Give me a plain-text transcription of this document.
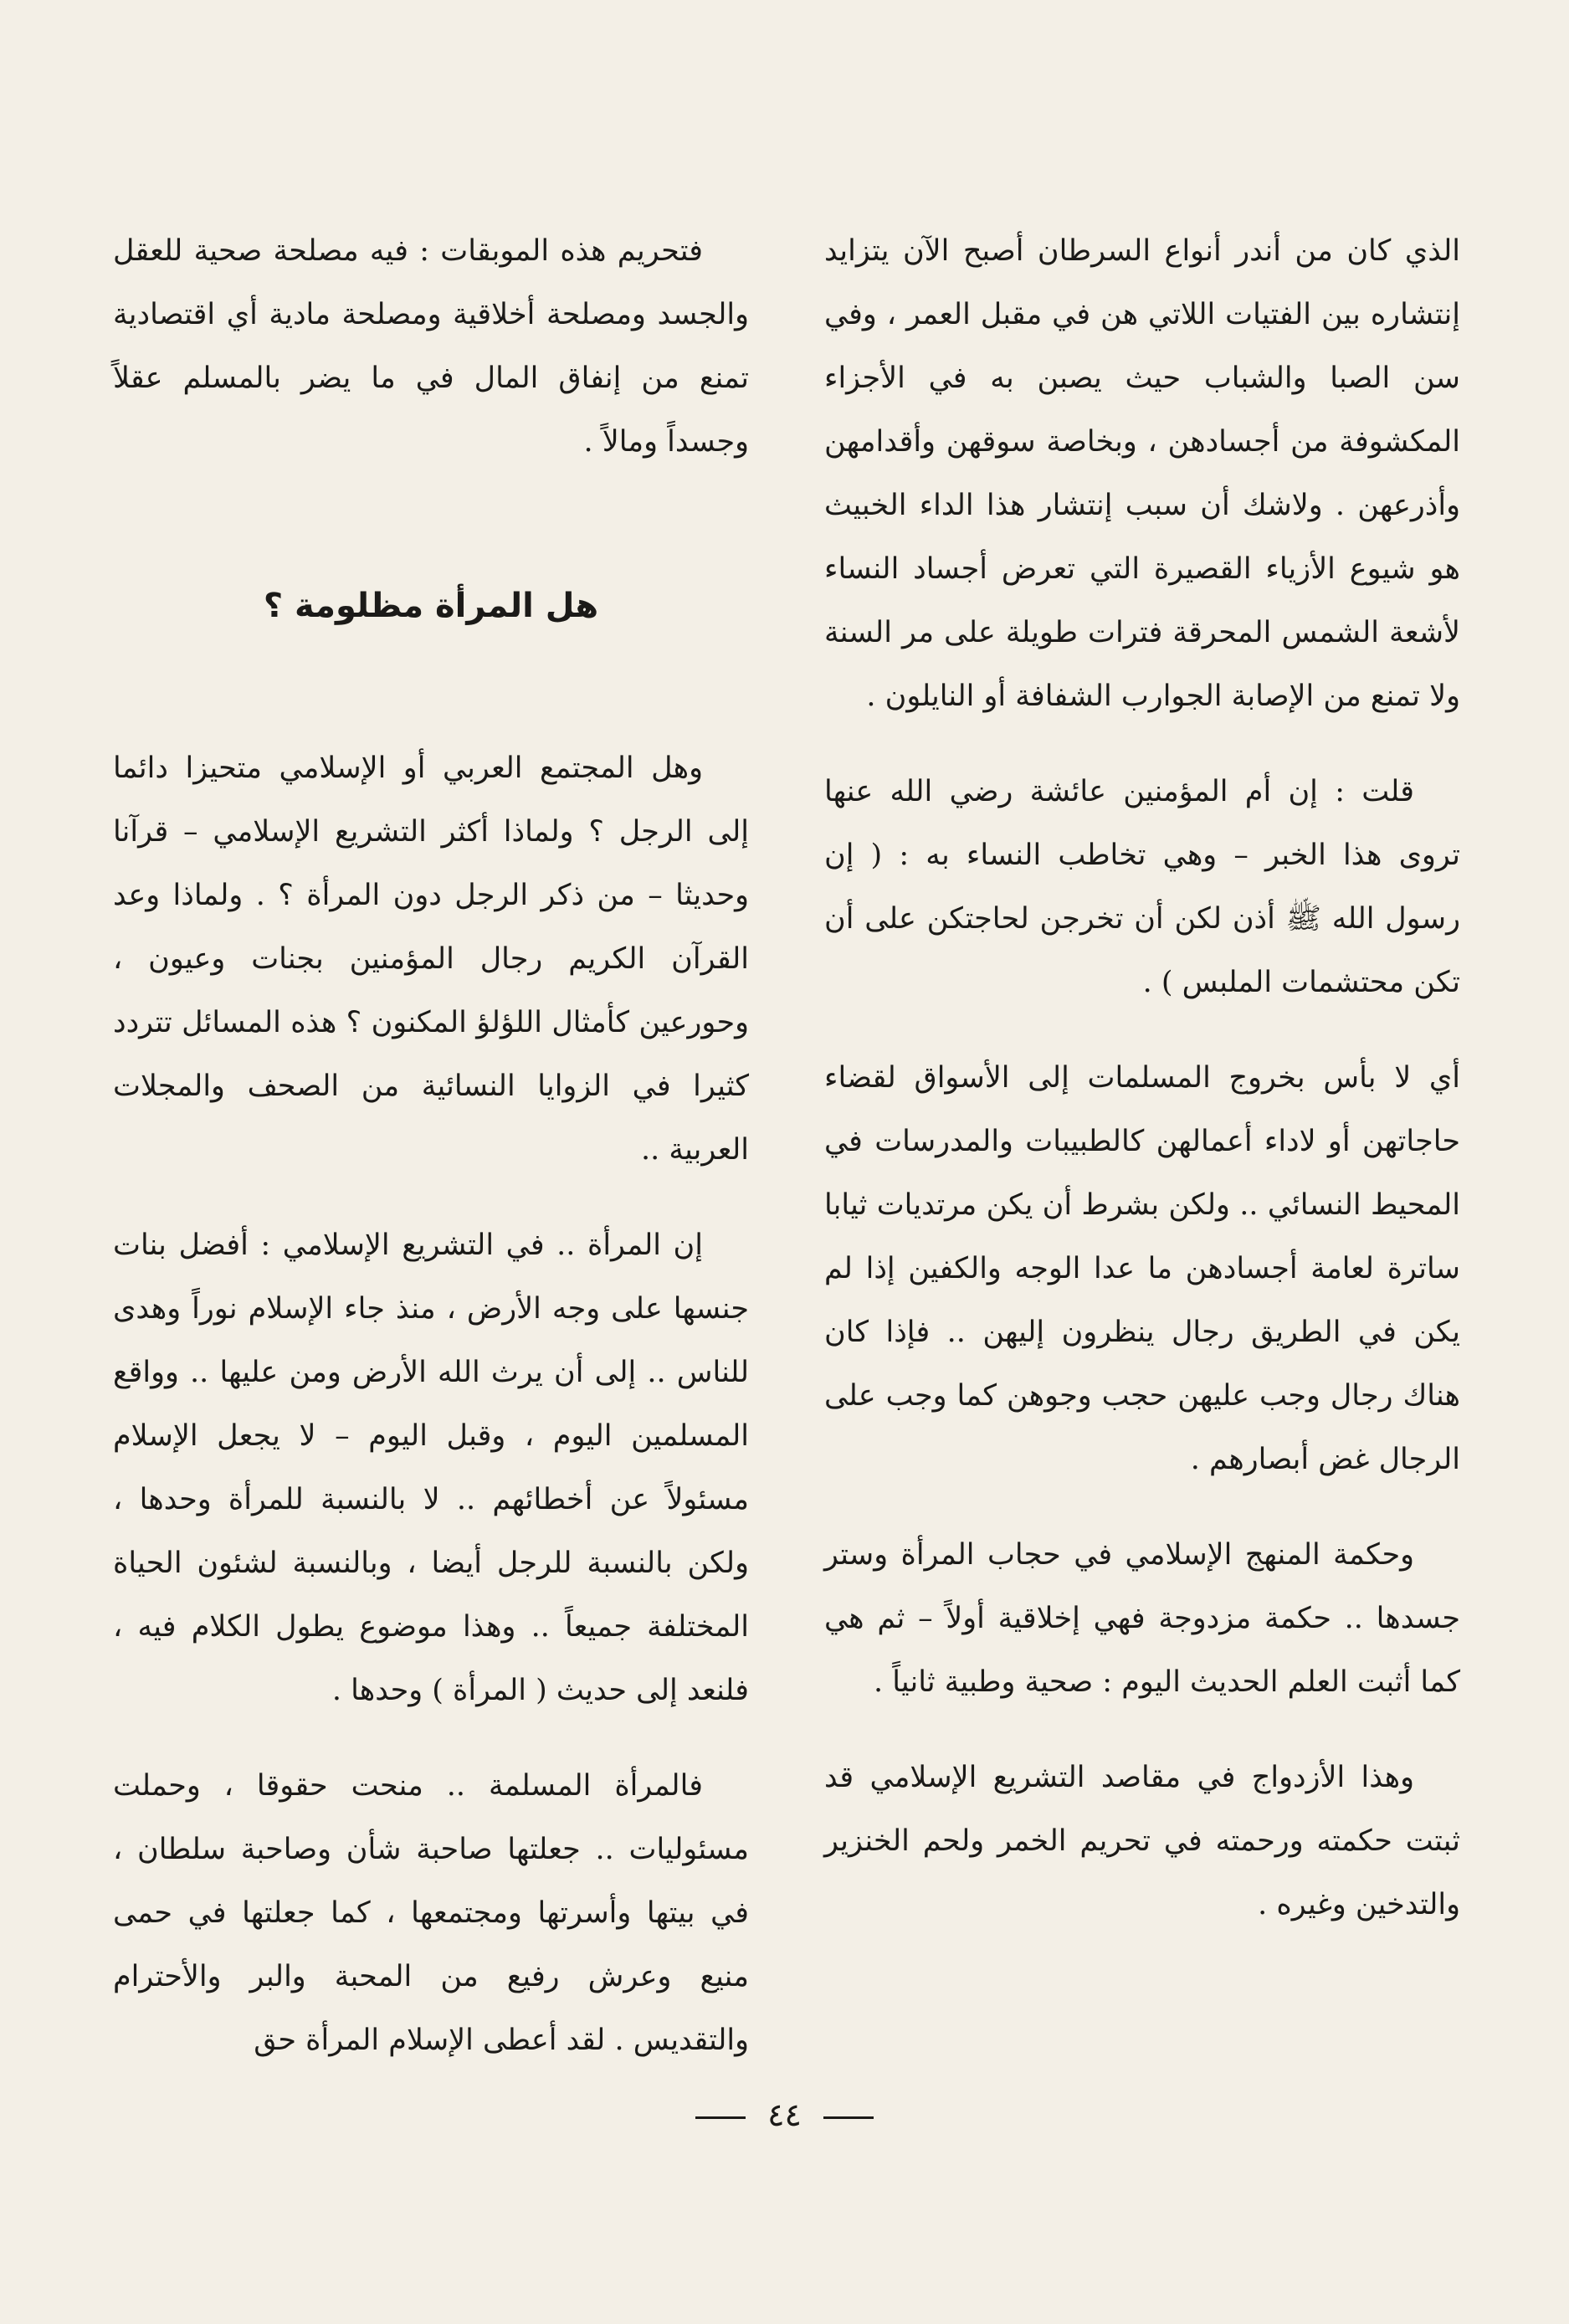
الذي كان من أندر أنواع السرطان أصبح الآن يتزايد إنتشاره بين الفتيات اللاتي هن في مقبل العمر ، وفي سن الصبا والشباب حيث يصبن به في الأجزاء المكشوفة من أجسادهن ، وبخاصة سوقهن وأقدامهن وأذرعهن . ولاشك أن سبب إنتشار هذا الداء الخبيث هو شيوع الأزياء القصيرة التي تعرض أجساد النساء لأشعة الشمس المحرقة فترات طويلة على مر السنة ولا تمنع من الإصابة الجوارب الشفافة أو النايلون .

قلت : إن أم المؤمنين عائشة رضي الله عنها تروى هذا الخبر – وهي تخاطب النساء به : ( إن رسول الله ﷺ أذن لكن أن تخرجن لحاجتكن على أن تكن محتشمات الملبس ) .

أي لا بأس بخروج المسلمات إلى الأسواق لقضاء حاجاتهن أو لاداء أعمالهن كالطبيبات والمدرسات في المحيط النسائي .. ولكن بشرط أن يكن مرتديات ثيابا ساترة لعامة أجسادهن ما عدا الوجه والكفين إذا لم يكن في الطريق رجال ينظرون إليهن .. فإذا كان هناك رجال وجب عليهن حجب وجوهن كما وجب على الرجال غض أبصارهم .

وحكمة المنهج الإسلامي في حجاب المرأة وستر جسدها .. حكمة مزدوجة فهي إخلاقية أولاً – ثم هي كما أثبت العلم الحديث اليوم : صحية وطبية ثانياً .

وهذا الأزدواج في مقاصد التشريع الإسلامي قد ثبتت حكمته ورحمته في تحريم الخمر ولحم الخنزير والتدخين وغيره .

فتحريم هذه الموبقات : فيه مصلحة صحية للعقل والجسد ومصلحة أخلاقية ومصلحة مادية أي اقتصادية تمنع من إنفاق المال في ما يضر بالمسلم عقلاً وجسداً ومالاً .

هل المرأة مظلومة ؟

وهل المجتمع العربي أو الإسلامي متحيزا دائما إلى الرجل ؟ ولماذا أكثر التشريع الإسلامي – قرآنا وحديثا – من ذكر الرجل دون المرأة ؟ . ولماذا وعد القرآن الكريم رجال المؤمنين بجنات وعيون ، وحورعين كأمثال اللؤلؤ المكنون ؟ هذه المسائل تتردد كثيرا في الزوايا النسائية من الصحف والمجلات العربية ..

إن المرأة .. في التشريع الإسلامي : أفضل بنات جنسها على وجه الأرض ، منذ جاء الإسلام نوراً وهدى للناس .. إلى أن يرث الله الأرض ومن عليها .. وواقع المسلمين اليوم ، وقبل اليوم – لا يجعل الإسلام مسئولاً عن أخطائهم .. لا بالنسبة للمرأة وحدها ، ولكن بالنسبة للرجل أيضا ، وبالنسبة لشئون الحياة المختلفة جميعاً .. وهذا موضوع يطول الكلام فيه ، فلنعد إلى حديث ( المرأة ) وحدها .

فالمرأة المسلمة .. منحت حقوقا ، وحملت مسئوليات .. جعلتها صاحبة شأن وصاحبة سلطان ، في بيتها وأسرتها ومجتمعها ، كما جعلتها في حمى منيع وعرش رفيع من المحبة والبر والأحترام والتقديس . لقد أعطى الإسلام المرأة حق

٤٤
